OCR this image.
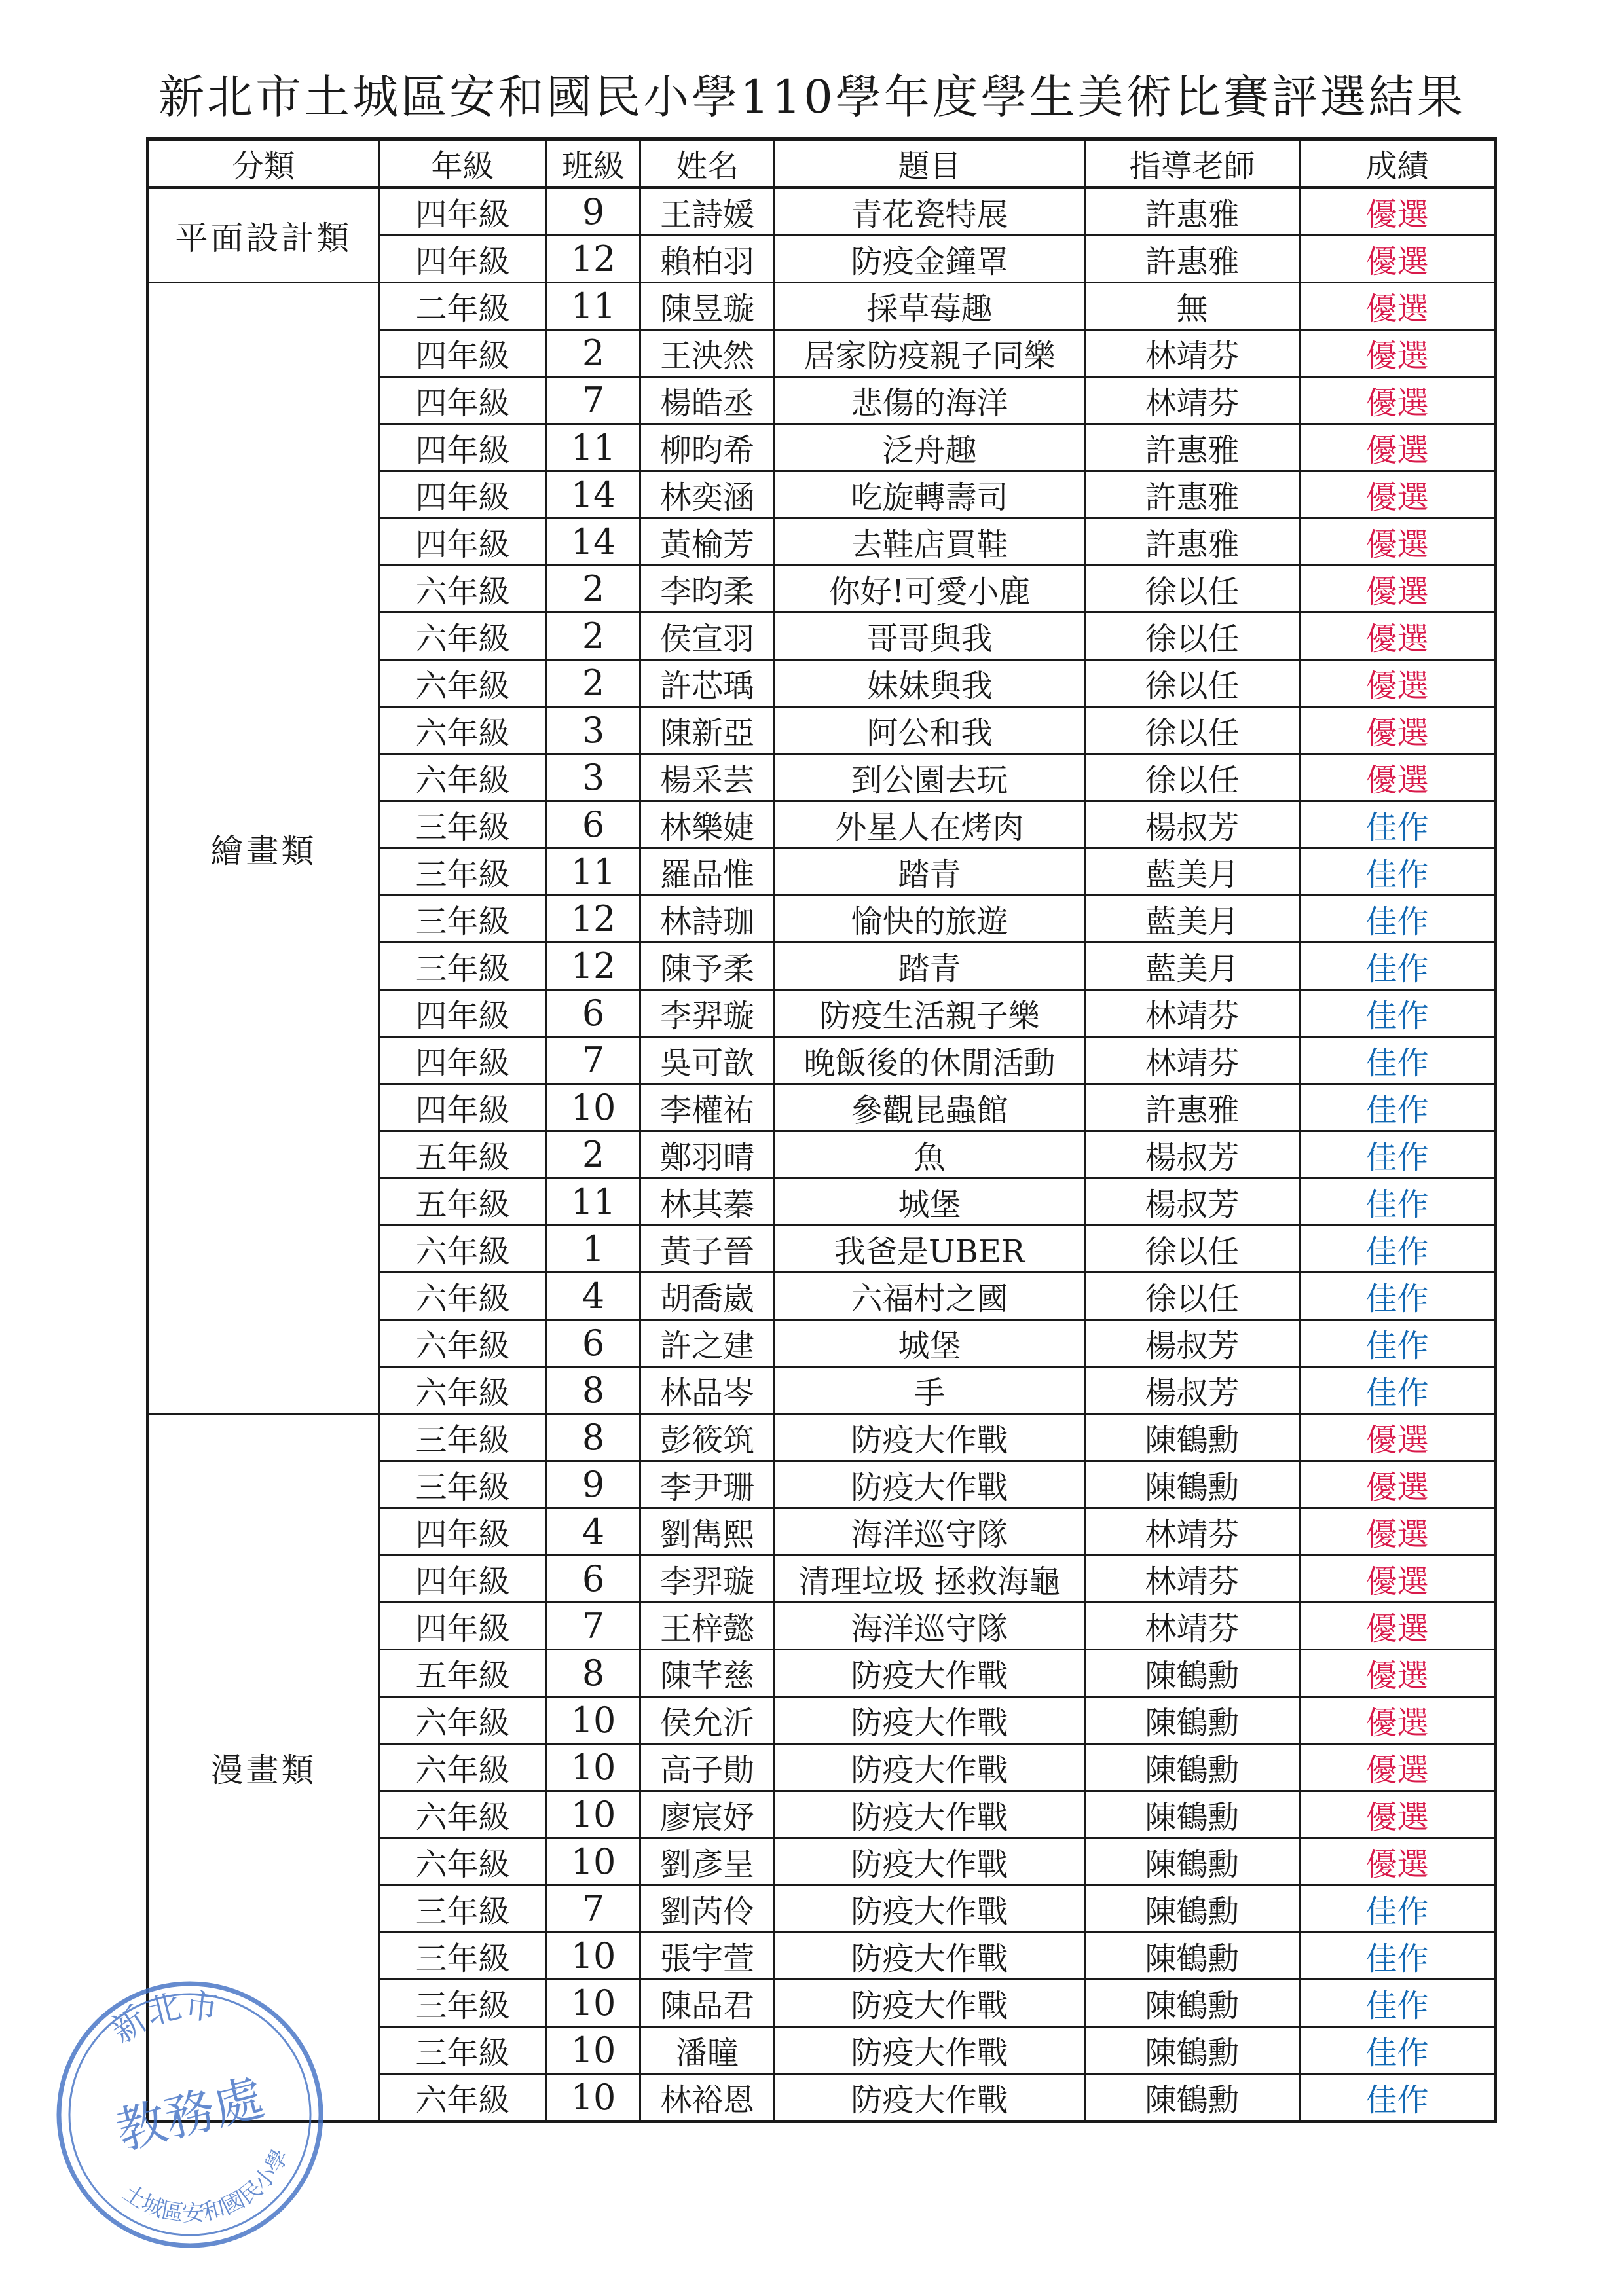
新北市土城區安和國民小學110學年度學生美術比賽評選結果
分類	年級	班級	姓名	題目	指導老師	成績
平面設計類	四年級	9	王詩媛	青花瓷特展	許惠雅	優選
	四年級	12	賴柏羽	防疫金鐘罩	許惠雅	優選
繪畫類	二年級	11	陳昱璇	採草莓趣	無	優選
	四年級	2	王泱然	居家防疫親子同樂	林靖芬	優選
	四年級	7	楊皓丞	悲傷的海洋	林靖芬	優選
	四年級	11	柳昀希	泛舟趣	許惠雅	優選
	四年級	14	林奕涵	吃旋轉壽司	許惠雅	優選
	四年級	14	黃榆芳	去鞋店買鞋	許惠雅	優選
	六年級	2	李昀柔	你好!可愛小鹿	徐以任	優選
	六年級	2	侯宣羽	哥哥與我	徐以任	優選
	六年級	2	許芯瑀	妹妹與我	徐以任	優選
	六年級	3	陳新亞	阿公和我	徐以任	優選
	六年級	3	楊采芸	到公園去玩	徐以任	優選
	三年級	6	林樂婕	外星人在烤肉	楊叔芳	佳作
	三年級	11	羅品惟	踏青	藍美月	佳作
	三年級	12	林詩珈	愉快的旅遊	藍美月	佳作
	三年級	12	陳予柔	踏青	藍美月	佳作
	四年級	6	李羿璇	防疫生活親子樂	林靖芬	佳作
	四年級	7	吳可歆	晚飯後的休閒活動	林靖芬	佳作
	四年級	10	李權祐	參觀昆蟲館	許惠雅	佳作
	五年級	2	鄭羽晴	魚	楊叔芳	佳作
	五年級	11	林其蓁	城堡	楊叔芳	佳作
	六年級	1	黃子晉	我爸是UBER	徐以任	佳作
	六年級	4	胡喬崴	六福村之國	徐以任	佳作
	六年級	6	許之建	城堡	楊叔芳	佳作
	六年級	8	林品岑	手	楊叔芳	佳作
漫畫類	三年級	8	彭筱筑	防疫大作戰	陳鶴勳	優選
	三年級	9	李尹珊	防疫大作戰	陳鶴勳	優選
	四年級	4	劉雋熙	海洋巡守隊	林靖芬	優選
	四年級	6	李羿璇	清理垃圾 拯救海龜	林靖芬	優選
	四年級	7	王梓懿	海洋巡守隊	林靖芬	優選
	五年級	8	陳芊慈	防疫大作戰	陳鶴勳	優選
	六年級	10	侯允沂	防疫大作戰	陳鶴勳	優選
	六年級	10	高子勛	防疫大作戰	陳鶴勳	優選
	六年級	10	廖宸妤	防疫大作戰	陳鶴勳	優選
	六年級	10	劉彥呈	防疫大作戰	陳鶴勳	優選
	三年級	7	劉芮伶	防疫大作戰	陳鶴勳	佳作
	三年級	10	張宇萱	防疫大作戰	陳鶴勳	佳作
	三年級	10	陳品君	防疫大作戰	陳鶴勳	佳作
	三年級	10	潘瞳	防疫大作戰	陳鶴勳	佳作
	六年級	10	林裕恩	防疫大作戰	陳鶴勳	佳作
新北市
土城區安和國民小學
教務處
